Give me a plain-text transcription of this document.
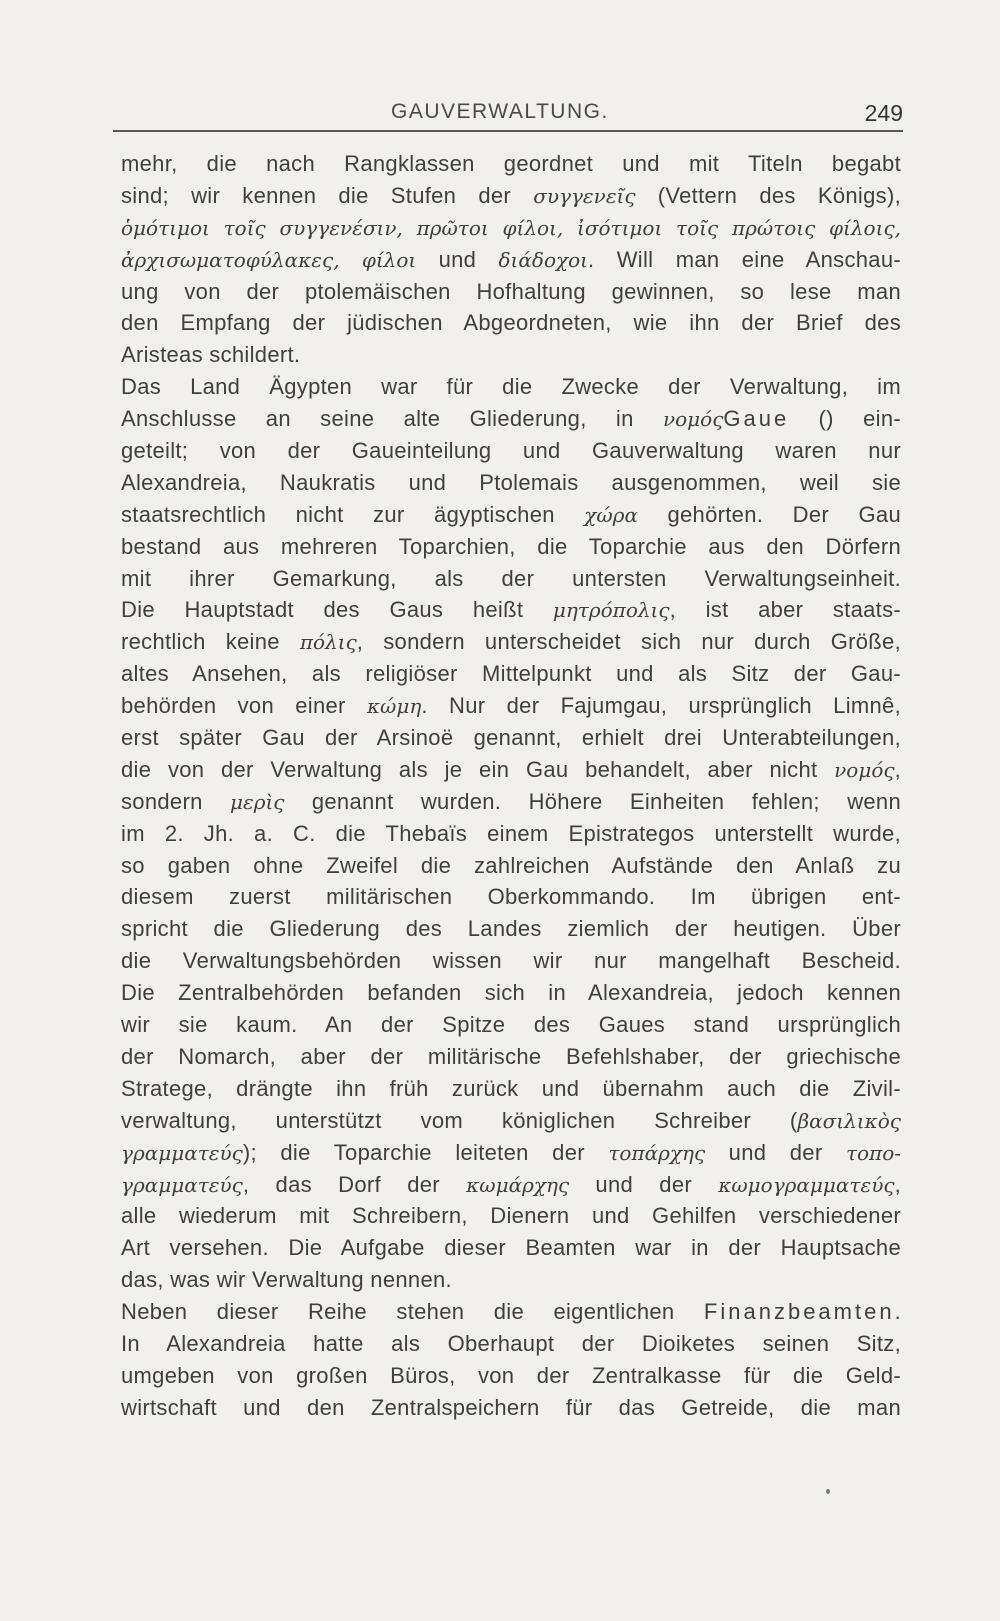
GAUVERWALTUNG.	249
mehr, die nach Rangklassen geordnet und mit Titeln begabt
sind; wir kennen die Stufen der συγγενεῖς (Vettern des Königs),
ὁμότιμοι τοῖς συγγενέσιν, πρῶτοι φίλοι, ἰσότιμοι τοῖς πρώτοις φίλοις,
ἀρχισωματοφύλακες, φίλοι und διάδοχοι. Will man eine Anschau-
ung von der ptolemäischen Hofhaltung gewinnen, so lese man
den Empfang der jüdischen Abgeordneten, wie ihn der Brief des
Aristeas schildert.
Das Land Ägypten war für die Zwecke der Verwaltung, im
Anschlusse an seine alte Gliederung, in νομόςGaue () ein-
geteilt; von der Gaueinteilung und Gauverwaltung waren nur
Alexandreia, Naukratis und Ptolemais ausgenommen, weil sie
staatsrechtlich nicht zur ägyptischen χώρα gehörten. Der Gau
bestand aus mehreren Toparchien, die Toparchie aus den Dörfern
mit ihrer Gemarkung, als der untersten Verwaltungseinheit.
Die Hauptstadt des Gaus heißt μητρόπολις, ist aber staats-
rechtlich keine πόλις, sondern unterscheidet sich nur durch Größe,
altes Ansehen, als religiöser Mittelpunkt und als Sitz der Gau-
behörden von einer κώμη. Nur der Fajumgau, ursprünglich Limnê,
erst später Gau der Arsinoë genannt, erhielt drei Unterabteilungen,
die von der Verwaltung als je ein Gau behandelt, aber nicht νομός,
sondern μερὶς genannt wurden. Höhere Einheiten fehlen; wenn
im 2. Jh. a. C. die Thebaïs einem Epistrategos unterstellt wurde,
so gaben ohne Zweifel die zahlreichen Aufstände den Anlaß zu
diesem zuerst militärischen Oberkommando. Im übrigen ent-
spricht die Gliederung des Landes ziemlich der heutigen. Über
die Verwaltungsbehörden wissen wir nur mangelhaft Bescheid.
Die Zentralbehörden befanden sich in Alexandreia, jedoch kennen
wir sie kaum. An der Spitze des Gaues stand ursprünglich
der Nomarch, aber der militärische Befehlshaber, der griechische
Stratege, drängte ihn früh zurück und übernahm auch die Zivil-
verwaltung, unterstützt vom königlichen Schreiber (βασιλικὸς
γραμματεύς); die Toparchie leiteten der τοπάρχης und der τοπο-
γραμματεύς, das Dorf der κωμάρχης und der κωμογραμματεύς,
alle wiederum mit Schreibern, Dienern und Gehilfen verschiedener
Art versehen. Die Aufgabe dieser Beamten war in der Hauptsache
das, was wir Verwaltung nennen.
Neben dieser Reihe stehen die eigentlichen Finanzbeamten.
In Alexandreia hatte als Oberhaupt der Dioiketes seinen Sitz,
umgeben von großen Büros, von der Zentralkasse für die Geld-
wirtschaft und den Zentralspeichern für das Getreide, die man
